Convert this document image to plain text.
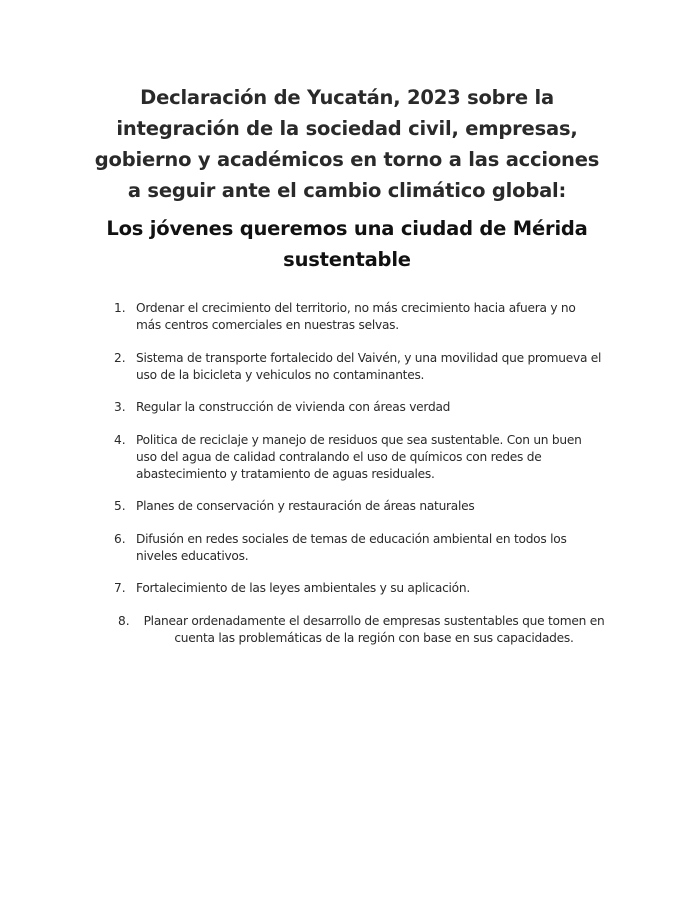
Declaración de Yucatán, 2023 sobre la integración de la sociedad civil, empresas, gobierno y académicos en torno a las acciones a seguir ante el cambio climático global:
Los jóvenes queremos una ciudad de Mérida sustentable
1. Ordenar el crecimiento del territorio, no más crecimiento hacia afuera y no más centros comerciales en nuestras selvas.
2. Sistema de transporte fortalecido del Vaivén, y una movilidad que promueva el uso de la bicicleta y vehiculos no contaminantes.
3. Regular la construcción de vivienda con áreas verdad
4. Politica de reciclaje y manejo de residuos que sea sustentable. Con un buen uso del agua de calidad contralando el uso de químicos con redes de abastecimiento y tratamiento de aguas residuales.
5. Planes de conservación y restauración de áreas naturales
6. Difusión en redes sociales de temas de educación ambiental en todos los niveles educativos.
7. Fortalecimiento de las leyes ambientales y su aplicación.
8.	Planear ordenadamente el desarrollo de empresas sustentables que tomen en cuenta las problemáticas de la región con base en sus capacidades.
